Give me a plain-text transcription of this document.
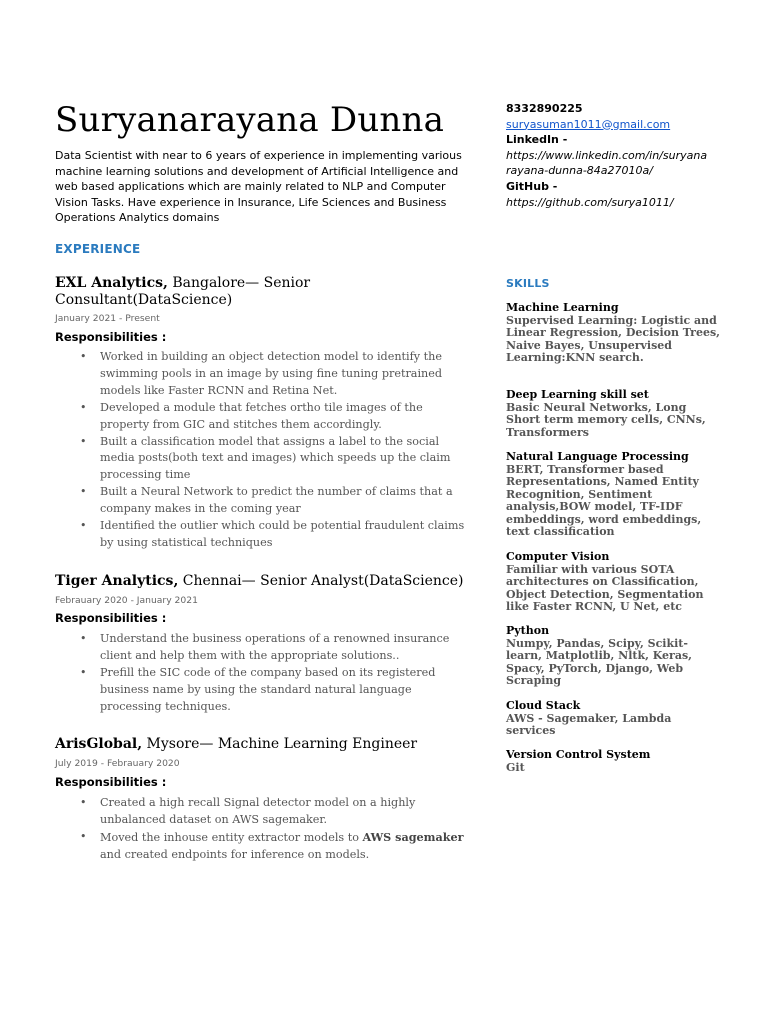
Suryanarayana Dunna
Data Scientist with near to 6 years of experience in implementing various machine learning solutions and development of Artificial Intelligence and web based applications which are mainly related to NLP and Computer Vision Tasks. Have experience in Insurance, Life Sciences and Business Operations Analytics domains
8332890225
suryasuman1011@gmail.com
LinkedIn -
https://www.linkedin.com/in/suryana
rayana-dunna-84a27010a/
GitHub -
https://github.com/surya1011/
EXPERIENCE
EXL Analytics, Bangalore— Senior
Consultant(DataScience)
January 2021 - Present
Responsibilities :
• Worked in building an object detection model to identify the swimming pools in an image by using fine tuning pretrained models like Faster RCNN and Retina Net.
• Developed a module that fetches ortho tile images of the property from GIC and stitches them accordingly.
• Built a classification model that assigns a label to the social media posts(both text and images) which speeds up the claim processing time
• Built a Neural Network to predict the number of claims that a company makes in the coming year
• Identified the outlier which could be potential fraudulent claims by using statistical techniques
Tiger Analytics, Chennai— Senior Analyst(DataScience)
Febrauary 2020 - January 2021
Responsibilities :
• Understand the business operations of a renowned insurance client and help them with the appropriate solutions..
• Prefill the SIC code of the company based on its registered business name by using the standard natural language processing techniques.
ArisGlobal, Mysore— Machine Learning Engineer
July 2019 - Febrauary 2020
Responsibilities :
• Created a high recall Signal detector model on a highly unbalanced dataset on AWS sagemaker.
• Moved the inhouse entity extractor models to AWS sagemaker and created endpoints for inference on models.
SKILLS
Machine Learning
Supervised Learning: Logistic and Linear Regression, Decision Trees, Naive Bayes, Unsupervised Learning:KNN search.
Deep Learning skill set
Basic Neural Networks, Long Short term memory cells, CNNs, Transformers
Natural Language Processing
BERT, Transformer based Representations, Named Entity Recognition, Sentiment analysis,BOW model, TF-IDF embeddings, word embeddings, text classification
Computer Vision
Familiar with various SOTA architectures on Classification, Object Detection, Segmentation like Faster RCNN, U Net, etc
Python
Numpy, Pandas, Scipy, Scikit-learn, Matplotlib, Nltk, Keras, Spacy, PyTorch, Django, Web Scraping
Cloud Stack
AWS - Sagemaker, Lambda services
Version Control System
Git
